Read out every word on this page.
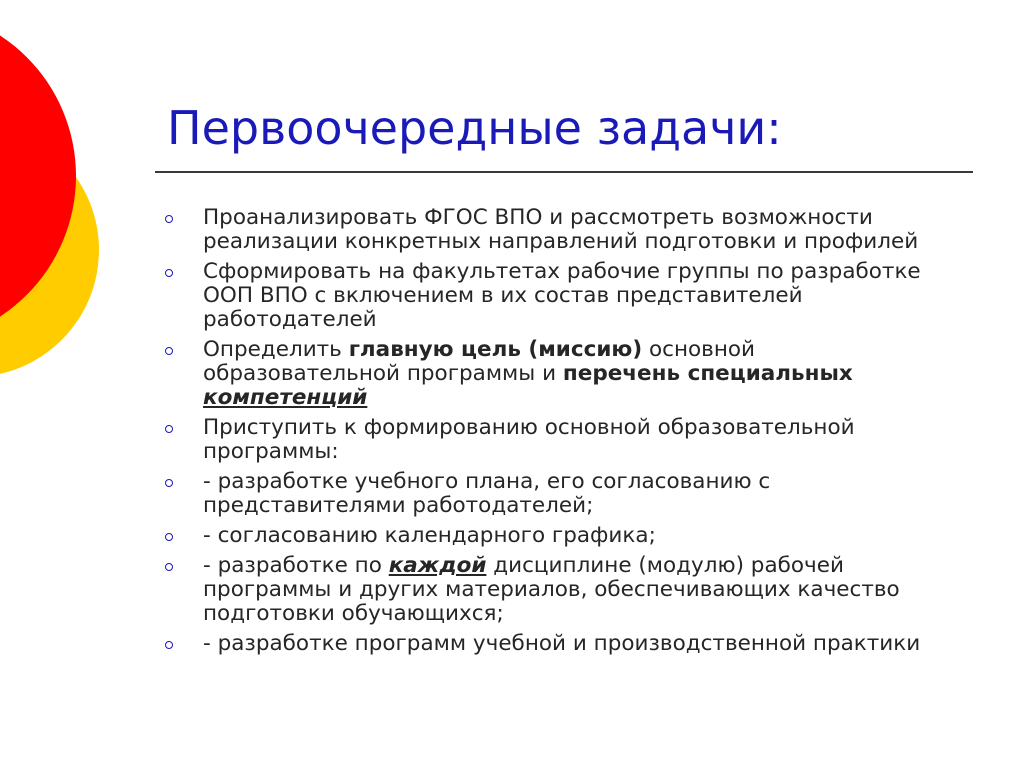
Первоочередные задачи:
Проанализировать ФГОС ВПО и рассмотреть возможности реализации конкретных направлений подготовки и профилей
Сформировать на факультетах рабочие группы по разработке ООП ВПО с включением в их состав представителей работодателей
Определить главную цель (миссию) основной образовательной программы и перечень специальных компетенций
Приступить к формированию основной образовательной программы:
- разработке учебного плана, его согласованию с представителями работодателей;
- согласованию календарного графика;
- разработке по каждой дисциплине (модулю) рабочей программы и других материалов, обеспечивающих качество подготовки обучающихся;
- разработке программ учебной и производственной практики
